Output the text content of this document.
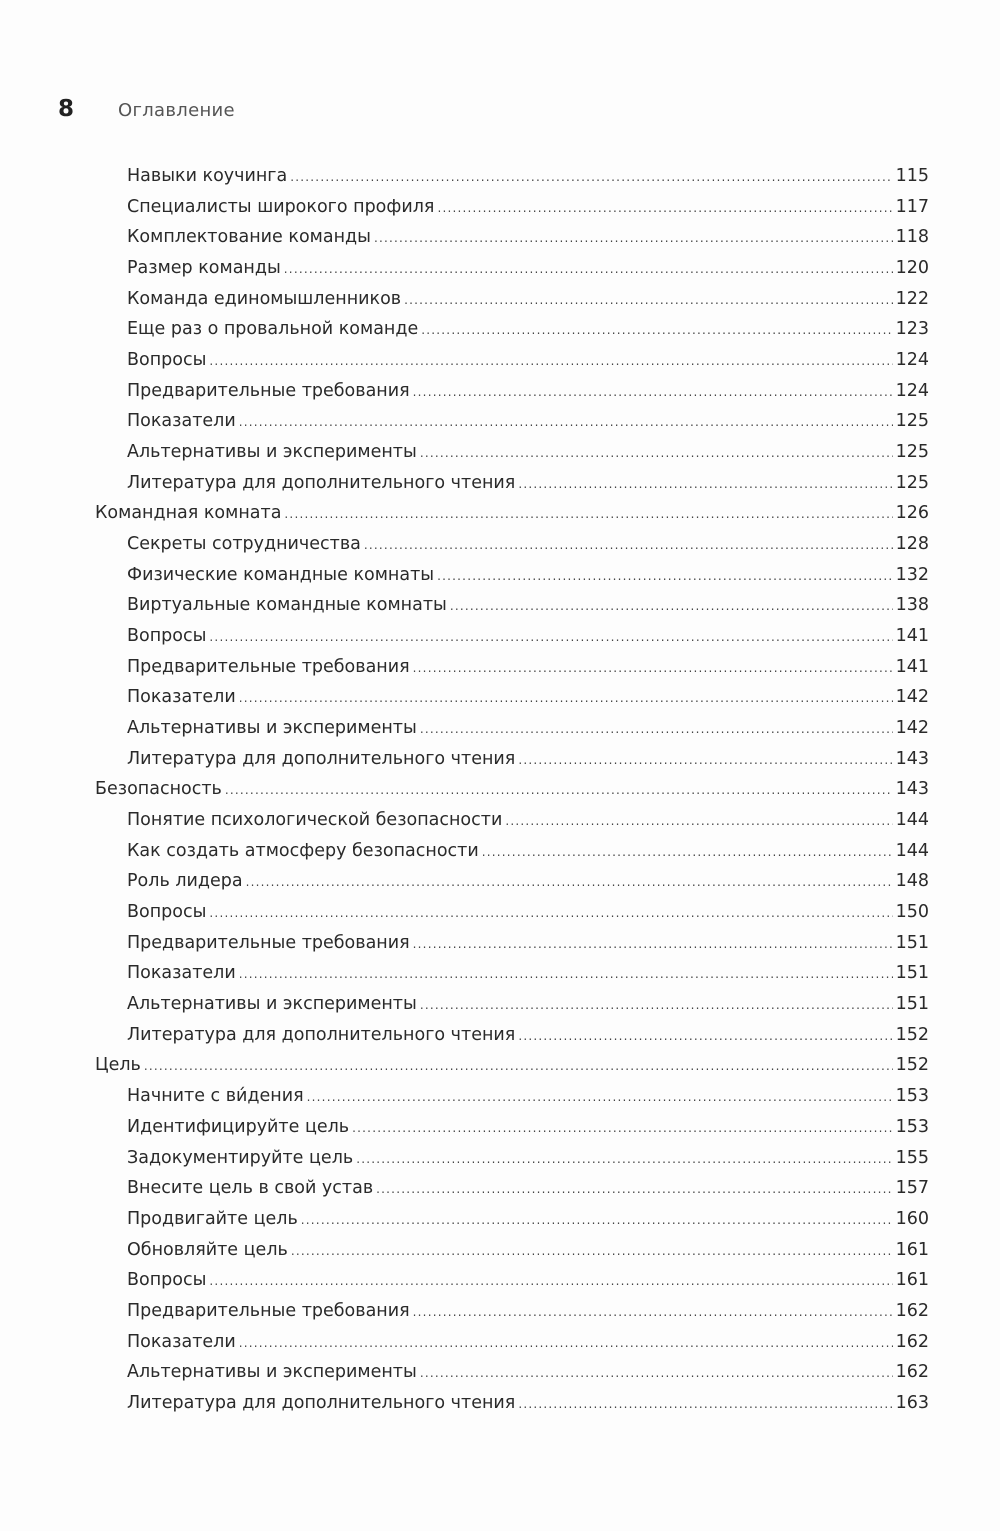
8	Оглавление
Навыки коучинга .....	115
Специалисты широкого профиля .....	117
Комплектование команды .....	118
Размер команды .....	120
Команда единомышленников .....	122
Еще раз о провальной команде .....	123
Вопросы .....	124
Предварительные требования .....	124
Показатели .....	125
Альтернативы и эксперименты .....	125
Литература для дополнительного чтения .....	125
Командная комната .....	126
Секреты сотрудничества .....	128
Физические командные комнаты .....	132
Виртуальные командные комнаты .....	138
Вопросы .....	141
Предварительные требования .....	141
Показатели .....	142
Альтернативы и эксперименты .....	142
Литература для дополнительного чтения .....	143
Безопасность .....	143
Понятие психологической безопасности .....	144
Как создать атмосферу безопасности .....	144
Роль лидера .....	148
Вопросы .....	150
Предварительные требования .....	151
Показатели .....	151
Альтернативы и эксперименты .....	151
Литература для дополнительного чтения .....	152
Цель .....	152
Начните с ви́дения .....	153
Идентифицируйте цель .....	153
Задокументируйте цель .....	155
Внесите цель в свой устав .....	157
Продвигайте цель .....	160
Обновляйте цель .....	161
Вопросы .....	161
Предварительные требования .....	162
Показатели .....	162
Альтернативы и эксперименты .....	162
Литература для дополнительного чтения .....	163
